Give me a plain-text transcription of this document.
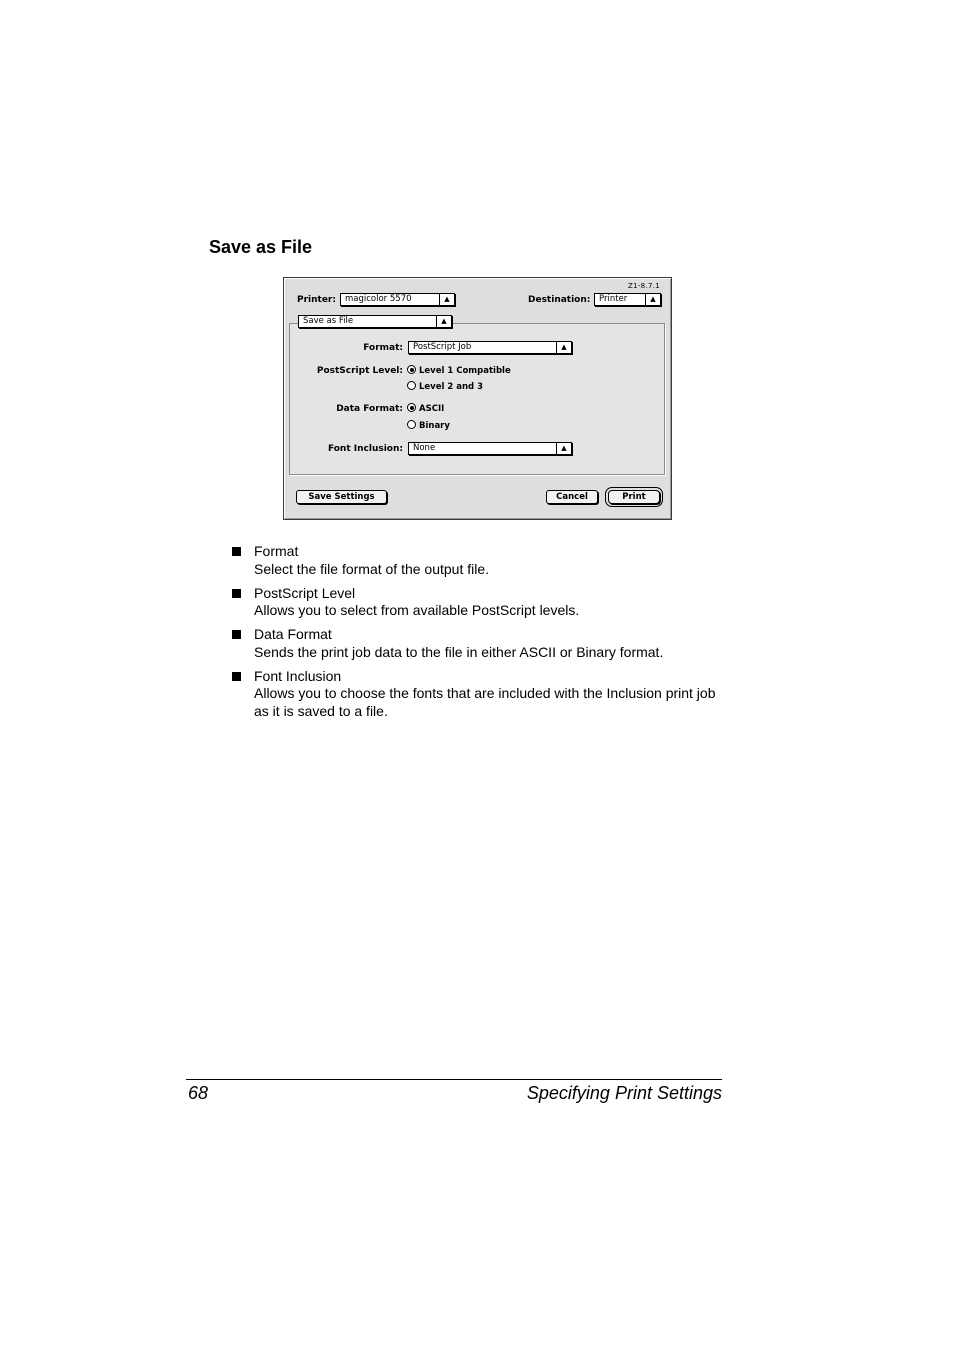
Save as File
Z1-8.7.1
Printer:	magicolor 5570	▲︎	Destination:	Printer	▲︎
Save as File	▲︎
Format:	PostScript Job	▲︎
PostScript Level:	Level 1 Compatible
Level 2 and 3
Data Format:	ASCII
Binary
Font Inclusion:	None	▲︎
Save Settings	Cancel	Print
Format
Select the file format of the output file.
PostScript Level
Allows you to select from available PostScript levels.
Data Format
Sends the print job data to the file in either ASCII or Binary format.
Font Inclusion
Allows you to choose the fonts that are included with the Inclusion print job as it is saved to a file.
68	Specifying Print Settings
